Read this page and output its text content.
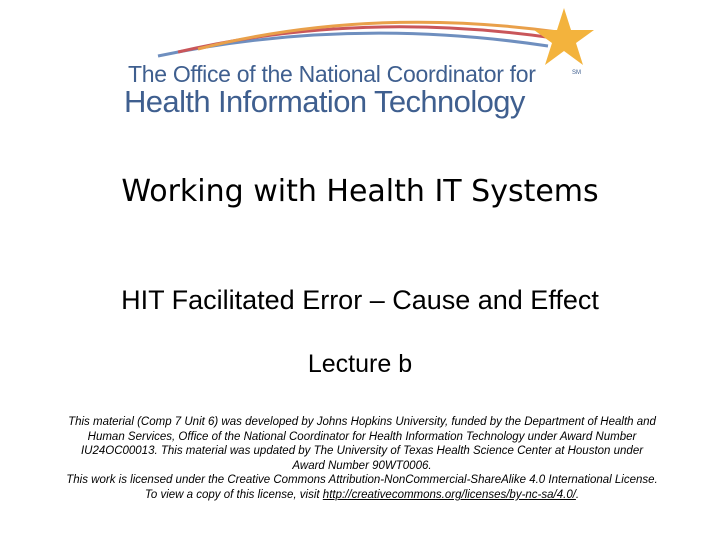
The Office of the National Coordinator for
Health Information Technology
SM
Working with Health IT Systems
HIT Facilitated Error – Cause and Effect
Lecture b

This material (Comp 7 Unit 6) was developed by Johns Hopkins University, funded by the Department of Health and Human Services, Office of the National Coordinator for Health Information Technology under Award Number IU24OC00013. This material was updated by The University of Texas Health Science Center at Houston under Award Number 90WT0006.

This work is licensed under the Creative Commons Attribution-NonCommercial-ShareAlike 4.0 International License. To view a copy of this license, visit http://creativecommons.org/licenses/by-nc-sa/4.0/.
